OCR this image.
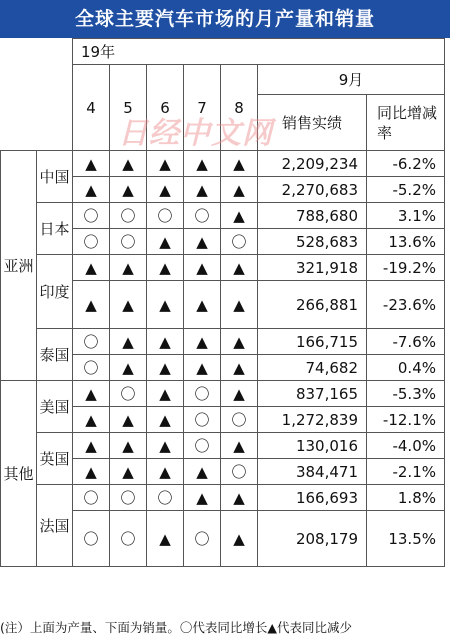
全球主要汽车市场的月产量和销量
		19年						
		4	5	6	7	8	9月	
							销售实绩	同比增减率
亚洲	中国	▲	▲	▲	▲	▲	2,209,234	-6.2%
		▲	▲	▲	▲	▲	2,270,683	-5.2%
	日本	〇	〇	〇	〇	▲	788,680	3.1%
		〇	〇	▲	▲	〇	528,683	13.6%
	印度	▲	▲	▲	▲	▲	321,918	-19.2%
		▲	▲	▲	▲	▲	266,881	-23.6%
	泰国	〇	▲	▲	▲	▲	166,715	-7.6%
		〇	▲	▲	▲	▲	74,682	0.4%
其他	美国	▲	〇	▲	〇	▲	837,165	-5.3%
		▲	▲	▲	〇	〇	1,272,839	-12.1%
	英国	▲	▲	▲	〇	▲	130,016	-4.0%
		▲	▲	▲	▲	〇	384,471	-2.1%
	法国	〇	〇	〇	▲	▲	166,693	1.8%
		〇	〇	▲	〇	▲	208,179	13.5%
日经中文网
(注）上面为产量、下面为销量。〇代表同比增长▲代表同比减少
